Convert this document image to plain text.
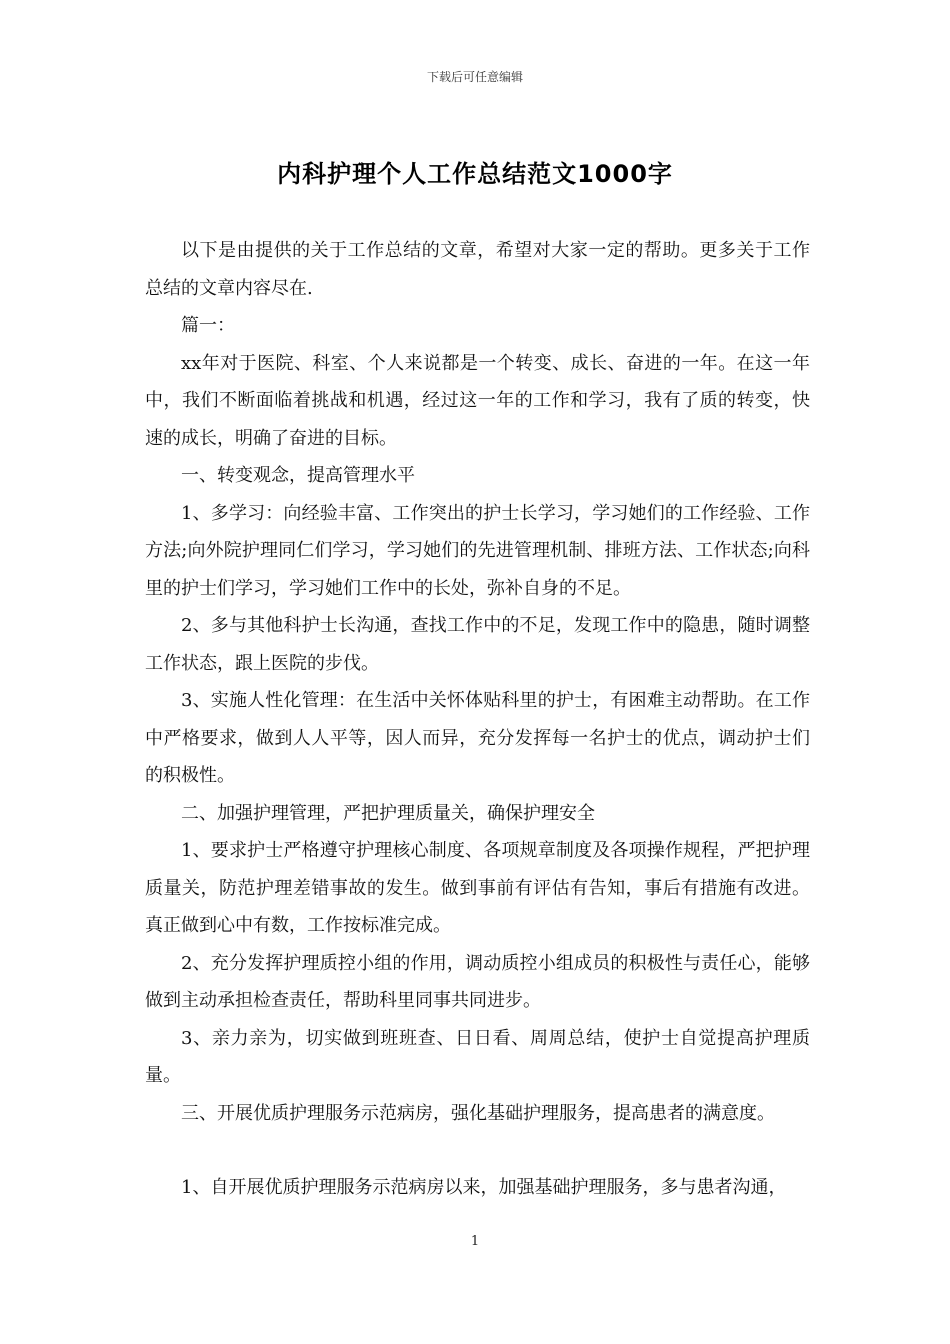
下载后可任意编辑
内科护理个人工作总结范文1000字

以下是由提供的关于工作总结的文章，希望对大家一定的帮助。更多关于工作总结的文章内容尽在.

篇一：

xx年对于医院、科室、个人来说都是一个转变、成长、奋进的一年。在这一年中，我们不断面临着挑战和机遇，经过这一年的工作和学习，我有了质的转变，快速的成长，明确了奋进的目标。

一、转变观念，提高管理水平

1、多学习：向经验丰富、工作突出的护士长学习，学习她们的工作经验、工作方法;向外院护理同仁们学习，学习她们的先进管理机制、排班方法、工作状态;向科里的护士们学习，学习她们工作中的长处，弥补自身的不足。

2、多与其他科护士长沟通，查找工作中的不足，发现工作中的隐患，随时调整工作状态，跟上医院的步伐。

3、实施人性化管理：在生活中关怀体贴科里的护士，有困难主动帮助。在工作中严格要求，做到人人平等，因人而异，充分发挥每一名护士的优点，调动护士们的积极性。

二、加强护理管理，严把护理质量关，确保护理安全

1、要求护士严格遵守护理核心制度、各项规章制度及各项操作规程，严把护理质量关，防范护理差错事故的发生。做到事前有评估有告知，事后有措施有改进。真正做到心中有数，工作按标准完成。

2、充分发挥护理质控小组的作用，调动质控小组成员的积极性与责任心，能够做到主动承担检查责任，帮助科里同事共同进步。

3、亲力亲为，切实做到班班查、日日看、周周总结，使护士自觉提高护理质量。

三、开展优质护理服务示范病房，强化基础护理服务，提高患者的满意度。

1、自开展优质护理服务示范病房以来，加强基础护理服务，多与患者沟通，

1
